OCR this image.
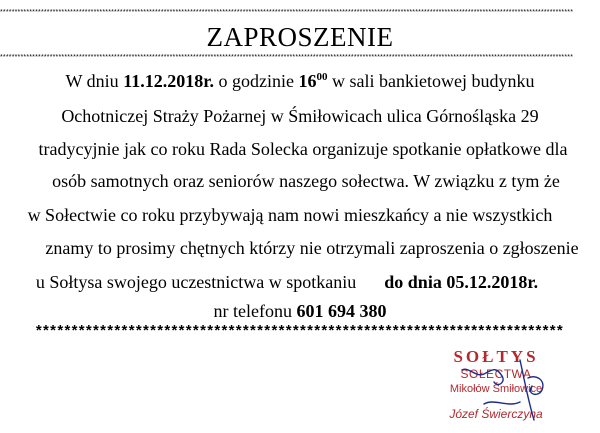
****************************************************************************************************************************************************************************************************
ZAPROSZENIE
****************************************************************************************************************************************************************************************************
W dniu 11.12.2018r. o godzinie $16^{00}$ w sali bankietowej budynku
Ochotniczej Straży Pożarnej w Śmiłowicach ulica Górnośląska 29
tradycyjnie jak co roku Rada Solecka organizuje spotkanie opłatkowe dla
osób samotnych oraz seniorów naszego sołectwa. W związku z tym że
w Sołectwie co roku przybywają nam nowi mieszkańcy a nie wszystkich
znamy to prosimy chętnych którzy nie otrzymali zaproszenia o zgłoszenie
u Sołtysa swojego uczestnictwa w spotkaniu do dnia 05.12.2018r.
nr telefonu 601 694 380
**************************************************************************
SOŁTYS
SOŁECTWA
Mikołów Śmiłowice
Józef Świerczyna
